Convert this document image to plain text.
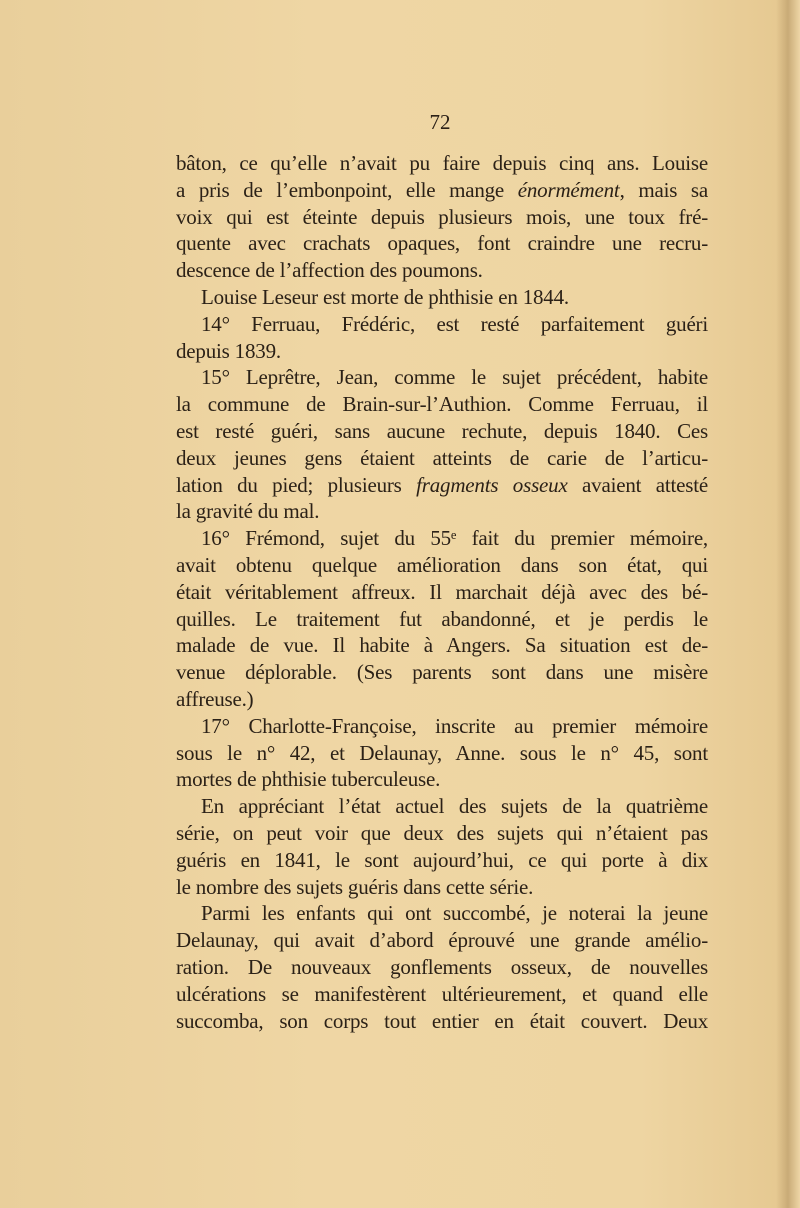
72
bâton, ce qu’elle n’avait pu faire depuis cinq ans. Louise
a pris de l’embonpoint, elle mange énormément, mais sa
voix qui est éteinte depuis plusieurs mois, une toux fré-
quente avec crachats opaques, font craindre une recru-
descence de l’affection des poumons.
Louise Leseur est morte de phthisie en 1844.
14° Ferruau, Frédéric, est resté parfaitement guéri
depuis 1839.
15° Leprêtre, Jean, comme le sujet précédent, habite
la commune de Brain-sur-l’Authion. Comme Ferruau, il
est resté guéri, sans aucune rechute, depuis 1840. Ces
deux jeunes gens étaient atteints de carie de l’articu-
lation du pied; plusieurs fragments osseux avaient attesté
la gravité du mal.
16° Frémond, sujet du 55ᵉ fait du premier mémoire,
avait obtenu quelque amélioration dans son état, qui
était véritablement affreux. Il marchait déjà avec des bé-
quilles. Le traitement fut abandonné, et je perdis le
malade de vue. Il habite à Angers. Sa situation est de-
venue déplorable. (Ses parents sont dans une misère
affreuse.)
17° Charlotte-Françoise, inscrite au premier mémoire
sous le n° 42, et Delaunay, Anne. sous le n° 45, sont
mortes de phthisie tuberculeuse.
En appréciant l’état actuel des sujets de la quatrième
série, on peut voir que deux des sujets qui n’étaient pas
guéris en 1841, le sont aujourd’hui, ce qui porte à dix
le nombre des sujets guéris dans cette série.
Parmi les enfants qui ont succombé, je noterai la jeune
Delaunay, qui avait d’abord éprouvé une grande amélio-
ration. De nouveaux gonflements osseux, de nouvelles
ulcérations se manifestèrent ultérieurement, et quand elle
succomba, son corps tout entier en était couvert. Deux
